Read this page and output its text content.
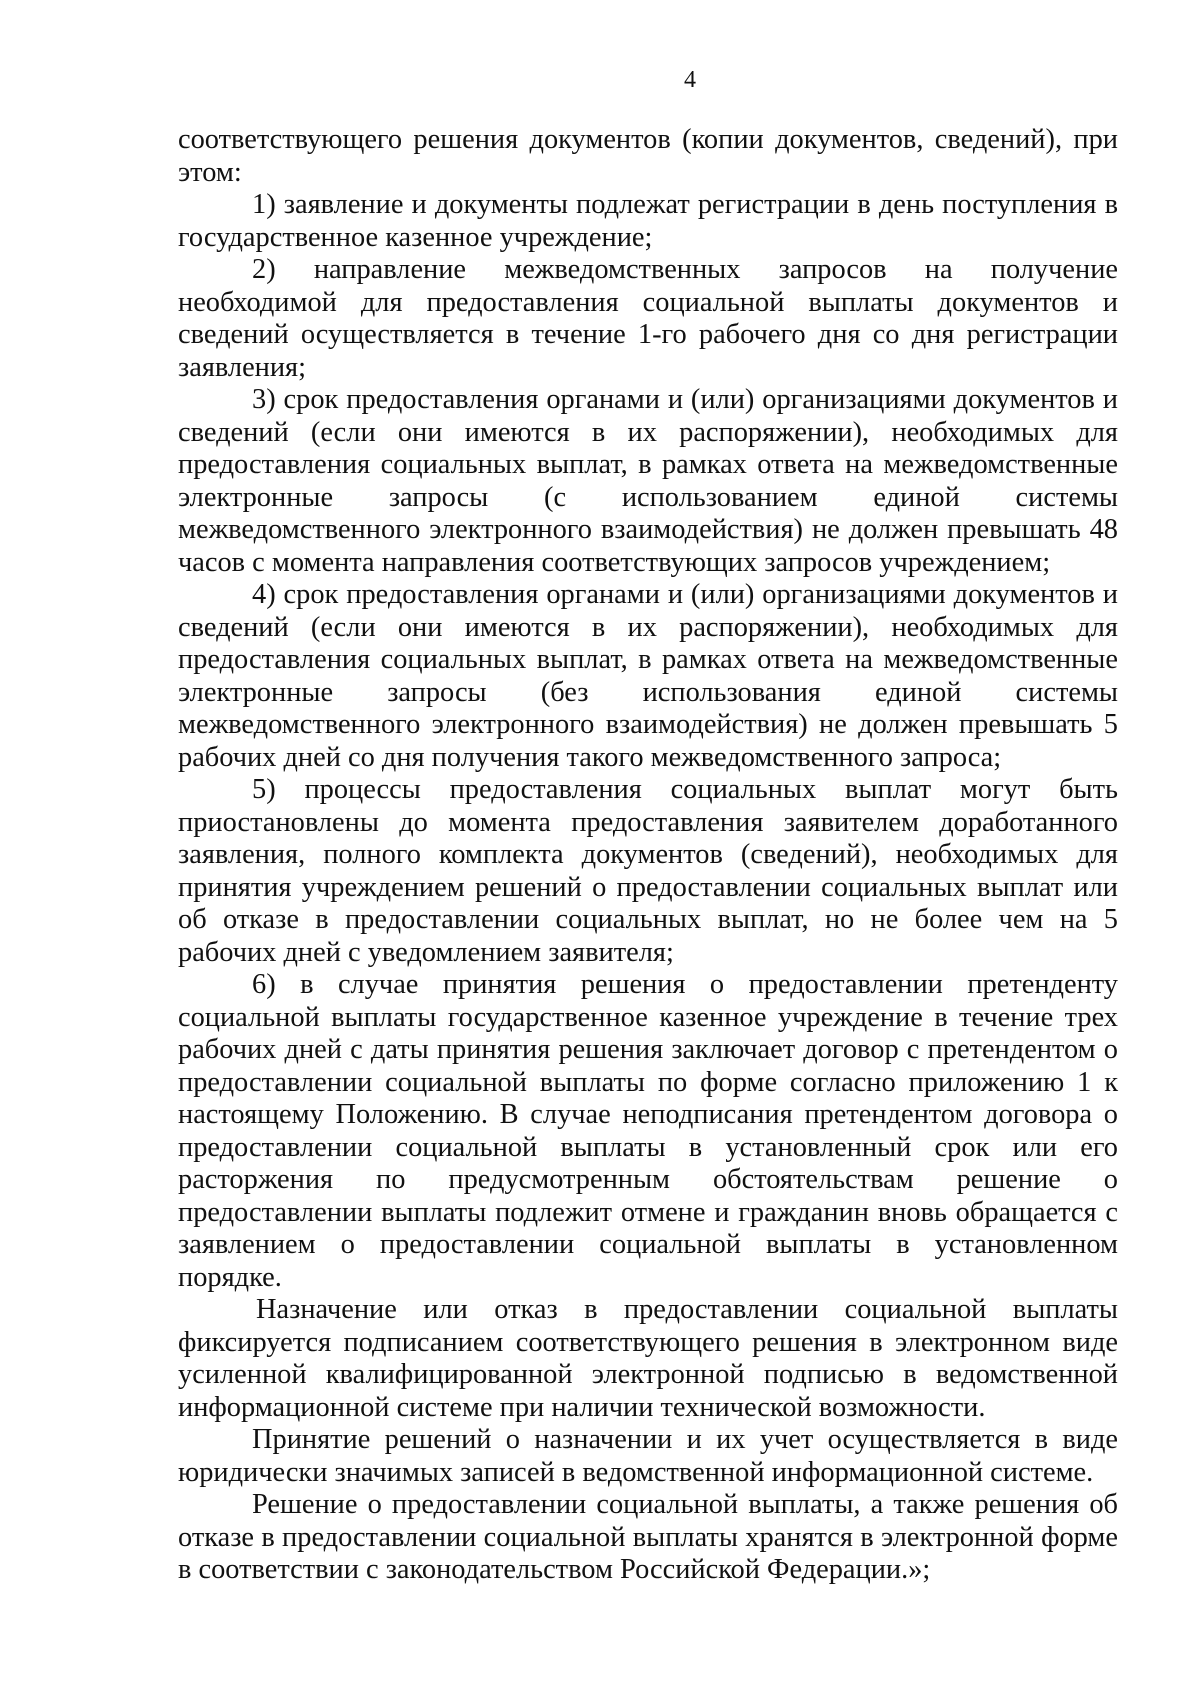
4

соответствующего решения документов (копии документов, сведений), при этом:

1) заявление и документы подлежат регистрации в день поступления в государственное казенное учреждение;

2) направление межведомственных запросов на получение необходимой для предоставления социальной выплаты документов и сведений осуществляется в течение 1-го рабочего дня со дня регистрации заявления;

3) срок предоставления органами и (или) организациями документов и сведений (если они имеются в их распоряжении), необходимых для предоставления социальных выплат, в рамках ответа на межведомственные электронные запросы (с использованием единой системы межведомственного электронного взаимодействия) не должен превышать 48 часов с момента направления соответствующих запросов учреждением;

4) срок предоставления органами и (или) организациями документов и сведений (если они имеются в их распоряжении), необходимых для предоставления социальных выплат, в рамках ответа на межведомственные электронные запросы (без использования единой системы межведомственного электронного взаимодействия) не должен превышать 5 рабочих дней со дня получения такого межведомственного запроса;

5) процессы предоставления социальных выплат могут быть приостановлены до момента предоставления заявителем доработанного заявления, полного комплекта документов (сведений), необходимых для принятия учреждением решений о предоставлении социальных выплат или об отказе в предоставлении социальных выплат, но не более чем на 5 рабочих дней с уведомлением заявителя;

6) в случае принятия решения о предоставлении претенденту социальной выплаты государственное казенное учреждение в течение трех рабочих дней с даты принятия решения заключает договор с претендентом о предоставлении социальной выплаты по форме согласно приложению 1 к настоящему Положению. В случае неподписания претендентом договора о предоставлении социальной выплаты в установленный срок или его расторжения по предусмотренным обстоятельствам решение о предоставлении выплаты подлежит отмене и гражданин вновь обращается с заявлением о предоставлении социальной выплаты в установленном порядке.

Назначение или отказ в предоставлении социальной выплаты фиксируется подписанием соответствующего решения в электронном виде усиленной квалифицированной электронной подписью в ведомственной информационной системе при наличии технической возможности.

Принятие решений о назначении и их учет осуществляется в виде юридически значимых записей в ведомственной информационной системе.

Решение о предоставлении социальной выплаты, а также решения об отказе в предоставлении социальной выплаты хранятся в электронной форме в соответствии с законодательством Российской Федерации.»;
